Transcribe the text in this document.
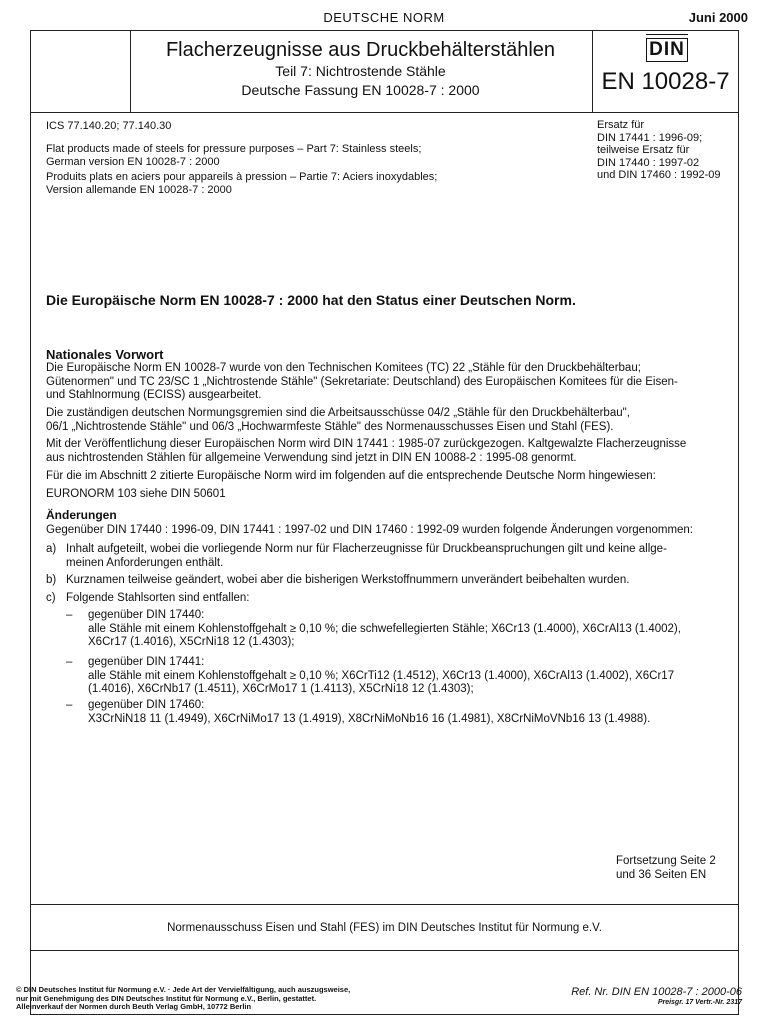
DEUTSCHE NORM	Juni 2000
Flacherzeugnisse aus Druckbehälterstählen
Teil 7: Nichtrostende Stähle
Deutsche Fassung EN 10028-7 : 2000
DIN
EN 10028-7
ICS 77.140.20; 77.140.30
Flat products made of steels for pressure purposes – Part 7: Stainless steels;
German version EN 10028-7 : 2000
Produits plats en aciers pour appareils à pression – Partie 7: Aciers inoxydables;
Version allemande EN 10028-7 : 2000
Ersatz für
DIN 17441 : 1996-09;
teilweise Ersatz für
DIN 17440 : 1997-02
und DIN 17460 : 1992-09
Die Europäische Norm EN 10028-7 : 2000 hat den Status einer Deutschen Norm.
Nationales Vorwort
Die Europäische Norm EN 10028-7 wurde von den Technischen Komitees (TC) 22 „Stähle für den Druckbehälterbau;
Gütenormen" und TC 23/SC 1 „Nichtrostende Stähle" (Sekretariate: Deutschland) des Europäischen Komitees für die Eisen-
und Stahlnormung (ECISS) ausgearbeitet.
Die zuständigen deutschen Normungsgremien sind die Arbeitsausschüsse 04/2 „Stähle für den Druckbehälterbau",
06/1 „Nichtrostende Stähle" und 06/3 „Hochwarmfeste Stähle" des Normenausschusses Eisen und Stahl (FES).
Mit der Veröffentlichung dieser Europäischen Norm wird DIN 17441 : 1985-07 zurückgezogen. Kaltgewalzte Flacherzeugnisse
aus nichtrostenden Stählen für allgemeine Verwendung sind jetzt in DIN EN 10088-2 : 1995-08 genormt.
Für die im Abschnitt 2 zitierte Europäische Norm wird im folgenden auf die entsprechende Deutsche Norm hingewiesen:
EURONORM 103 siehe DIN 50601
Änderungen
Gegenüber DIN 17440 : 1996-09, DIN 17441 : 1997-02 und DIN 17460 : 1992-09 wurden folgende Änderungen vorgenommen:
a) Inhalt aufgeteilt, wobei die vorliegende Norm nur für Flacherzeugnisse für Druckbeanspruchungen gilt und keine allge-
meinen Anforderungen enthält.
b) Kurznamen teilweise geändert, wobei aber die bisherigen Werkstoffnummern unverändert beibehalten wurden.
c) Folgende Stahlsorten sind entfallen:
– gegenüber DIN 17440:
alle Stähle mit einem Kohlenstoffgehalt ≥ 0,10 %; die schwefellegierten Stähle; X6Cr13 (1.4000), X6CrAl13 (1.4002),
X6Cr17 (1.4016), X5CrNi18 12 (1.4303);
– gegenüber DIN 17441:
alle Stähle mit einem Kohlenstoffgehalt ≥ 0,10 %; X6CrTi12 (1.4512), X6Cr13 (1.4000), X6CrAl13 (1.4002), X6Cr17
(1.4016), X6CrNb17 (1.4511), X6CrMo17 1 (1.4113), X5CrNi18 12 (1.4303);
– gegenüber DIN 17460:
X3CrNiN18 11 (1.4949), X6CrNiMo17 13 (1.4919), X8CrNiMoNb16 16 (1.4981), X8CrNiMoVNb16 13 (1.4988).
Fortsetzung Seite 2
und 36 Seiten EN
Normenausschuss Eisen und Stahl (FES) im DIN Deutsches Institut für Normung e.V.
© DIN Deutsches Institut für Normung e.V. · Jede Art der Vervielfältigung, auch auszugsweise,
nur mit Genehmigung des DIN Deutsches Institut für Normung e.V., Berlin, gestattet.
Alleinverkauf der Normen durch Beuth Verlag GmbH, 10772 Berlin
Ref. Nr. DIN EN 10028-7 : 2000-06
Preisgr. 17 Vertr.-Nr. 2317
